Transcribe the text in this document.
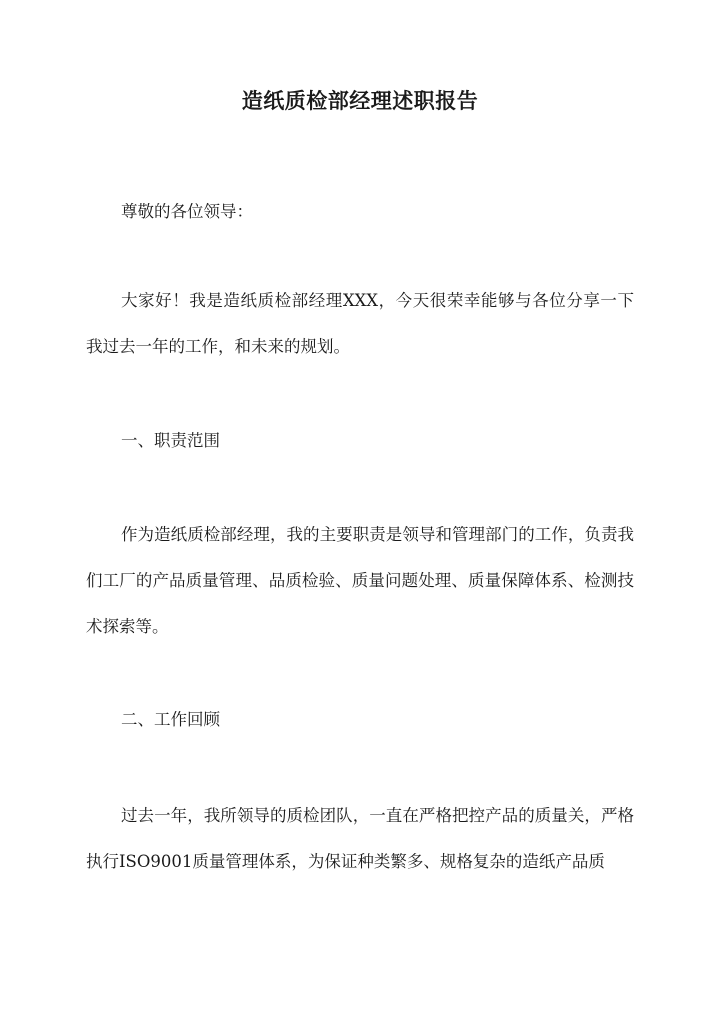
造纸质检部经理述职报告
尊敬的各位领导：
大家好！我是造纸质检部经理XXX，今天很荣幸能够与各位分享一下我过去一年的工作，和未来的规划。
一、职责范围
作为造纸质检部经理，我的主要职责是领导和管理部门的工作，负责我们工厂的产品质量管理、品质检验、质量问题处理、质量保障体系、检测技术探索等。
二、工作回顾
过去一年，我所领导的质检团队，一直在严格把控产品的质量关，严格执行ISO9001质量管理体系，为保证种类繁多、规格复杂的造纸产品质
